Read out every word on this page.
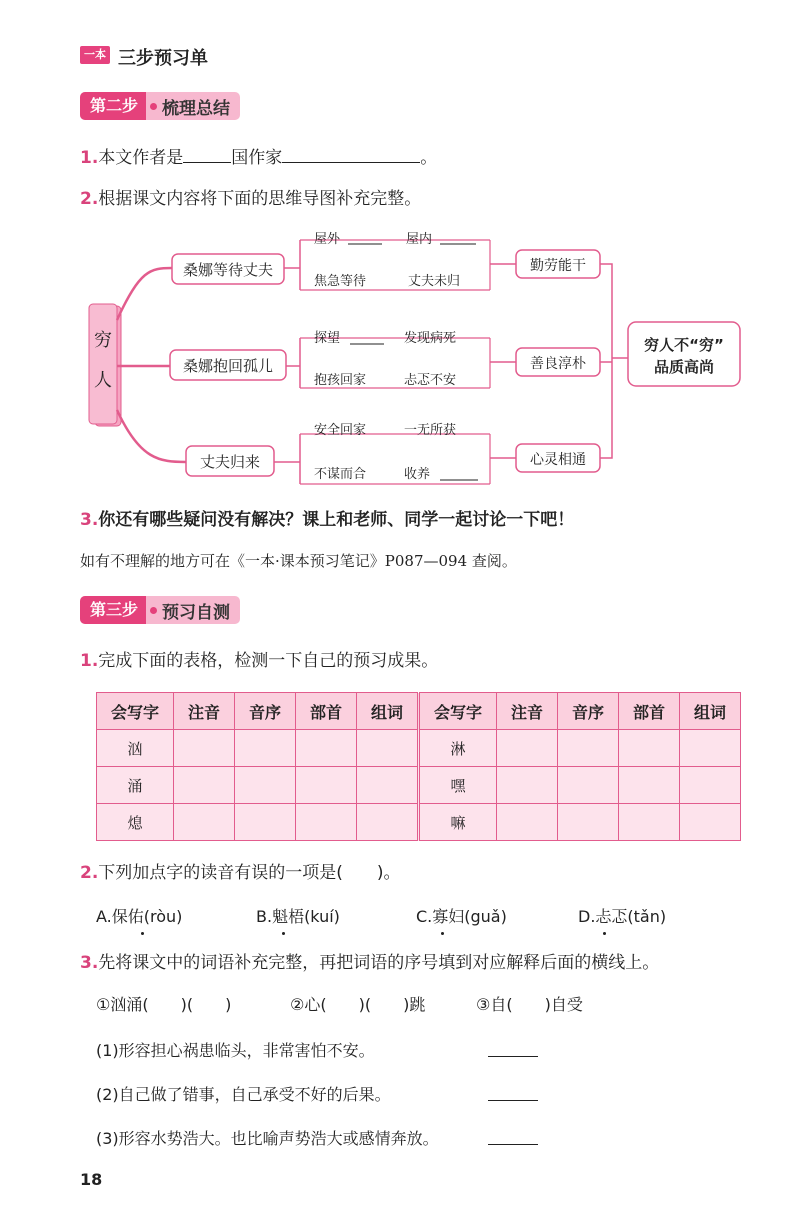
一本 三步预习单
第二步	梳理总结
1.本文作者是	国作家	。
2.根据课文内容将下面的思维导图补充完整。
穷
人
桑娜等待丈夫
桑娜抱回孤儿
丈夫归来
屋外	屋内
焦急等待	丈夫未归
探望	发现病死
抱孩回家	忐忑不安
安全回家	一无所获
不谋而合	收养
勤劳能干
善良淳朴
心灵相通
穷人不“穷”
品质高尚
3.你还有哪些疑问没有解决？课上和老师、同学一起讨论一下吧！
如有不理解的地方可在《一本·课本预习笔记》P087—094 查阅。
第三步	预习自测
1.完成下面的表格，检测一下自己的预习成果。
会写字	注音	音序	部首	组词	会写字	注音	音序	部首	组词
汹					淋				
涌					嘿				
熄					嘛				
2.下列加点字的读音有误的一项是(　　)。
A.保佑(ròu)	B.魁梧(kuí)	C.寡妇(guǎ)	D.忐忑(tǎn)
3.先将课文中的词语补充完整，再把词语的序号填到对应解释后面的横线上。
①汹涌(　　)(　　)	②心(　　)(　　)跳	③自(　　)自受
(1)形容担心祸患临头，非常害怕不安。
(2)自己做了错事，自己承受不好的后果。
(3)形容水势浩大。也比喻声势浩大或感情奔放。
18
